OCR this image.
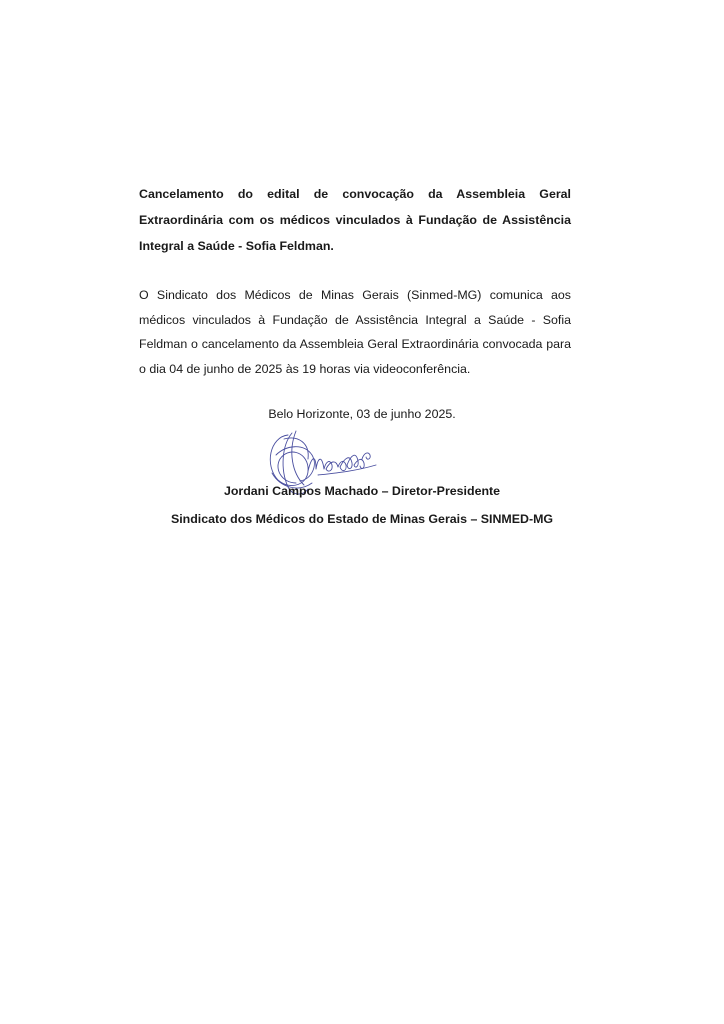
Cancelamento do edital de convocação da Assembleia Geral Extraordinária com os médicos vinculados à Fundação de Assistência Integral a Saúde - Sofia Feldman.

O Sindicato dos Médicos de Minas Gerais (Sinmed-MG) comunica aos médicos vinculados à Fundação de Assistência Integral a Saúde - Sofia Feldman o cancelamento da Assembleia Geral Extraordinária convocada para o dia 04 de junho de 2025 às 19 horas via videoconferência.

Belo Horizonte, 03 de junho 2025.
Jordani Campos Machado – Diretor-Presidente
Sindicato dos Médicos do Estado de Minas Gerais – SINMED-MG
